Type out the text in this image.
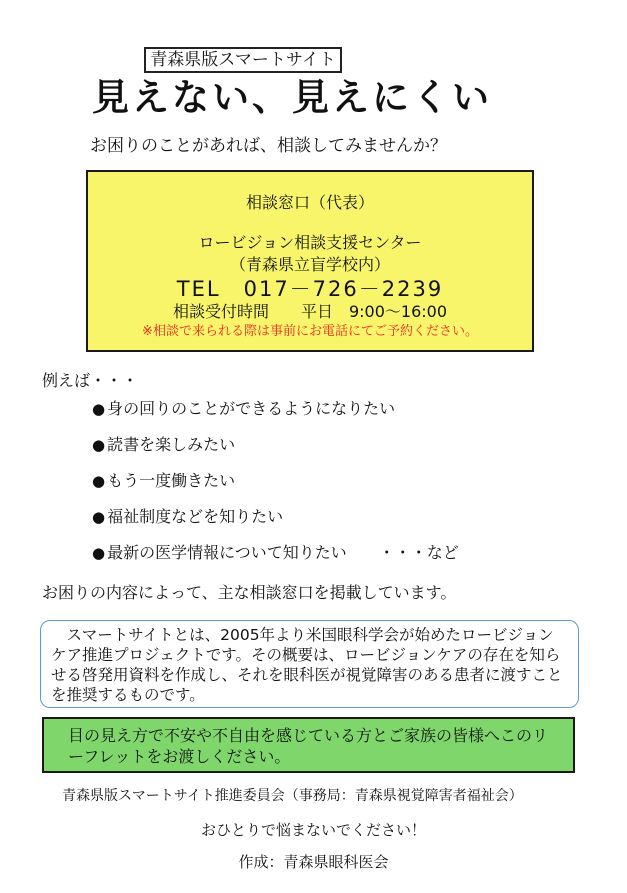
青森県版スマートサイト
見えない、見えにくい
お困りのことがあれば、相談してみませんか？
相談窓口（代表）
ロービジョン相談支援センター
（青森県立盲学校内）
TEL　017－726－2239
相談受付時間　　平日　9:00～16:00
※相談で来られる際は事前にお電話にてご予約ください。
例えば・・・
● 身の回りのことができるようになりたい
● 読書を楽しみたい
● もう一度働きたい
● 福祉制度などを知りたい
● 最新の医学情報について知りたい　　・・・など
お困りの内容によって、主な相談窓口を掲載しています。
　スマートサイトとは、2005年より米国眼科学会が始めたロービジョンケア推進プロジェクトです。その概要は、ロービジョンケアの存在を知らせる啓発用資料を作成し、それを眼科医が視覚障害のある患者に渡すことを推奨するものです。
目の見え方で不安や不自由を感じている方とご家族の皆様へこのリーフレットをお渡しください。
青森県版スマートサイト推進委員会（事務局：青森県視覚障害者福祉会）
おひとりで悩まないでください！
作成：青森県眼科医会
